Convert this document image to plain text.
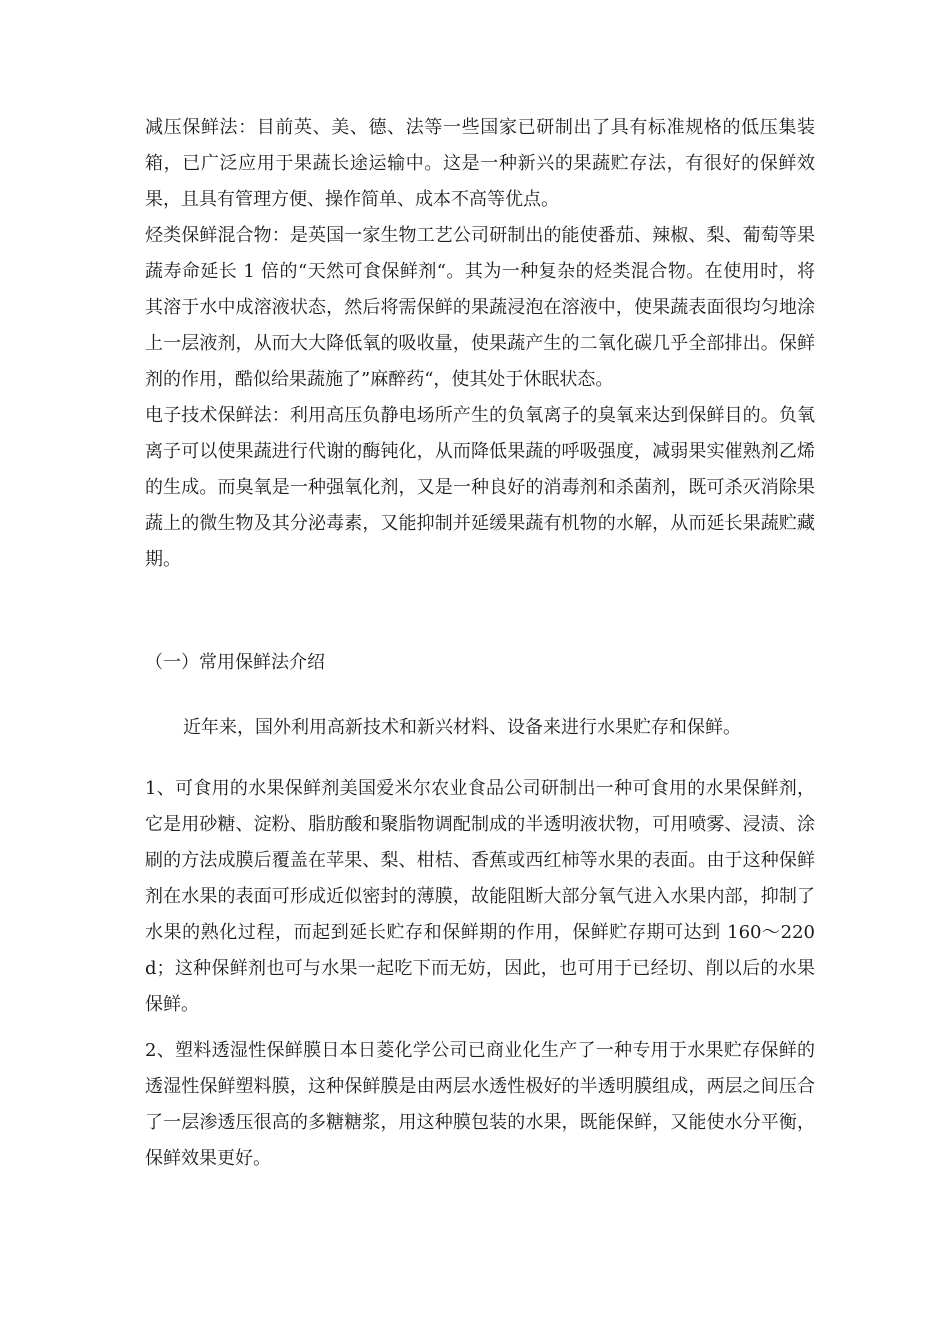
减压保鲜法：目前英、美、德、法等一些国家已研制出了具有标准规格的低压集装箱，已广泛应用于果蔬长途运输中。这是一种新兴的果蔬贮存法，有很好的保鲜效果，且具有管理方便、操作简单、成本不高等优点。

烃类保鲜混合物：是英国一家生物工艺公司研制出的能使番茄、辣椒、梨、葡萄等果蔬寿命延长 1 倍的“天然可食保鲜剂“。其为一种复杂的烃类混合物。在使用时，将其溶于水中成溶液状态，然后将需保鲜的果蔬浸泡在溶液中，使果蔬表面很均匀地涂上一层液剂，从而大大降低氧的吸收量，使果蔬产生的二氧化碳几乎全部排出。保鲜剂的作用，酷似给果蔬施了”麻醉药“，使其处于休眠状态。

电子技术保鲜法：利用高压负静电场所产生的负氧离子的臭氧来达到保鲜目的。负氧离子可以使果蔬进行代谢的酶钝化，从而降低果蔬的呼吸强度，减弱果实催熟剂乙烯的生成。而臭氧是一种强氧化剂，又是一种良好的消毒剂和杀菌剂，既可杀灭消除果蔬上的微生物及其分泌毒素，又能抑制并延缓果蔬有机物的水解，从而延长果蔬贮藏期。

（一）常用保鲜法介绍

近年来，国外利用高新技术和新兴材料、设备来进行水果贮存和保鲜。

1、可食用的水果保鲜剂美国爱米尔农业食品公司研制出一种可食用的水果保鲜剂，它是用砂糖、淀粉、脂肪酸和聚脂物调配制成的半透明液状物，可用喷雾、浸渍、涂刷的方法成膜后覆盖在苹果、梨、柑桔、香蕉或西红柿等水果的表面。由于这种保鲜剂在水果的表面可形成近似密封的薄膜，故能阻断大部分氧气进入水果内部，抑制了水果的熟化过程，而起到延长贮存和保鲜期的作用，保鲜贮存期可达到 160～220d；这种保鲜剂也可与水果一起吃下而无妨，因此，也可用于已经切、削以后的水果保鲜。

2、塑料透湿性保鲜膜日本日菱化学公司已商业化生产了一种专用于水果贮存保鲜的透湿性保鲜塑料膜，这种保鲜膜是由两层水透性极好的半透明膜组成，两层之间压合了一层渗透压很高的多糖糖浆，用这种膜包装的水果，既能保鲜，又能使水分平衡，保鲜效果更好。
